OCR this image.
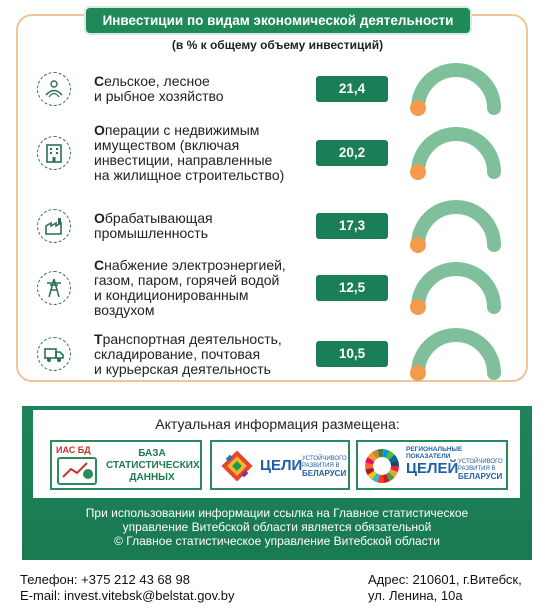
Инвестиции по видам экономической деятельности
(в % к общему объему инвестиций)
Сельское, лесное
и рыбное хозяйство	21,4
Операции с недвижимым
имуществом (включая
инвестиции, направленные
на жилищное строительство)
20,2
Обрабатывающая
промышленность	17,3
Снабжение электроэнергией,
газом, паром, горячей водой
и кондиционированным
воздухом
12,5
Транспортная деятельность,
складирование, почтовая
и курьерская деятельность
10,5
Актуальная информация размещена:
ИАС БД	БАЗА
СТАТИСТИЧЕСКИХ
ДАННЫХ
ЦЕЛИ УСТОЙЧИВОГО РАЗВИТИЯ В
БЕЛАРУСИ
РЕГИОНАЛЬНЫЕ ПОКАЗАТЕЛИ
ЦЕЛЕЙ УСТОЙЧИВОГО РАЗВИТИЯ В
БЕЛАРУСИ
При использовании информации ссылка на Главное статистическое
управление Витебской области является обязательной
© Главное статистическое управление Витебской области
Телефон: +375 212 43 68 98
E-mail: invest.vitebsk@belstat.gov.by
Адрес: 210601, г.Витебск,
ул. Ленина, 10а
